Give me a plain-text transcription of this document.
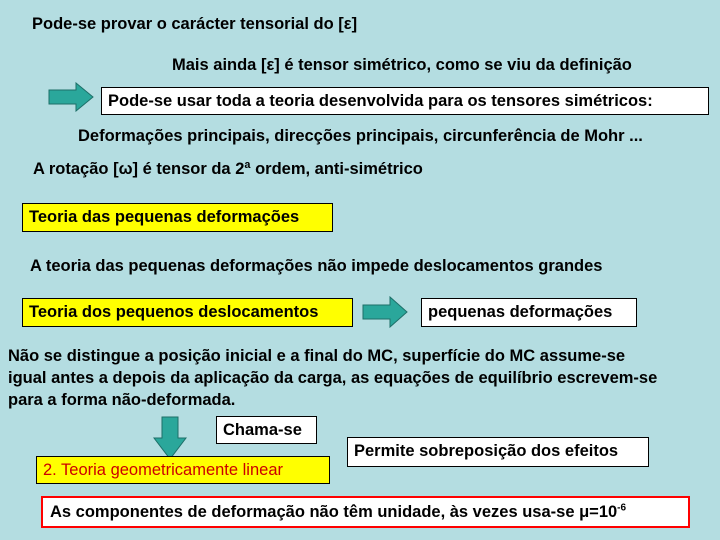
Pode-se provar o carácter tensorial do [ε]
Mais ainda [ε] é tensor simétrico, como se viu da definição
Pode-se usar toda a teoria desenvolvida para os tensores simétricos:
Deformações principais, direcções principais, circunferência de Mohr ...
A rotação [ω] é tensor da 2ª ordem, anti-simétrico
Teoria das pequenas deformações
A teoria das pequenas deformações não impede deslocamentos grandes
Teoria dos pequenos deslocamentos	pequenas deformações
Não se distingue a posição inicial e a final do MC, superfície do MC assume-se
igual antes a depois da aplicação da carga, as equações de equilíbrio escrevem-se
para a forma não-deformada.
Chama-se
2. Teoria geometricamente linear
Permite sobreposição dos efeitos
As componentes de deformação não têm unidade, às vezes usa-se $\mu=10^{-6}$
